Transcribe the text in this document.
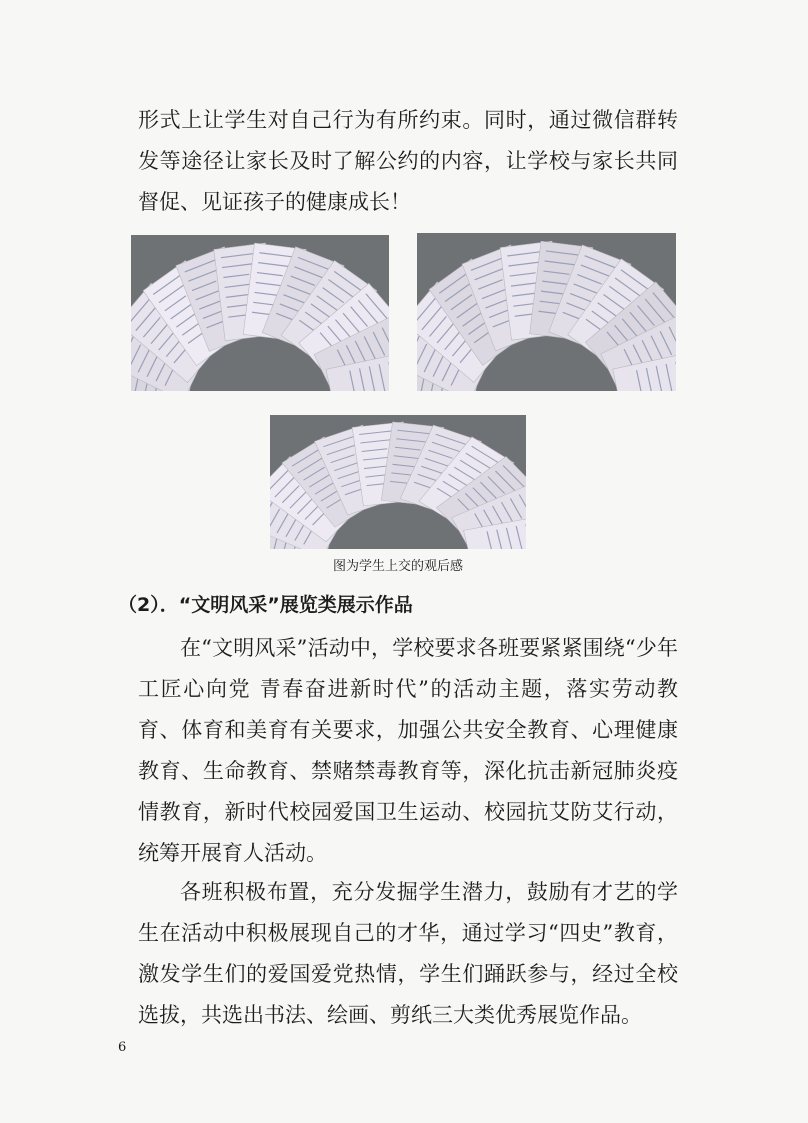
形式上让学生对自己行为有所约束。同时，通过微信群转发等途径让家长及时了解公约的内容，让学校与家长共同督促、见证孩子的健康成长！

图为学生上交的观后感
（2）．“文明风采”展览类展示作品

在“文明风采”活动中，学校要求各班要紧紧围绕“少年工匠心向党 青春奋进新时代”的活动主题，落实劳动教育、体育和美育有关要求，加强公共安全教育、心理健康教育、生命教育、禁赌禁毒教育等，深化抗击新冠肺炎疫情教育，新时代校园爱国卫生运动、校园抗艾防艾行动，统筹开展育人活动。

各班积极布置，充分发掘学生潜力，鼓励有才艺的学生在活动中积极展现自己的才华，通过学习“四史”教育，激发学生们的爱国爱党热情，学生们踊跃参与，经过全校选拔，共选出书法、绘画、剪纸三大类优秀展览作品。

6
